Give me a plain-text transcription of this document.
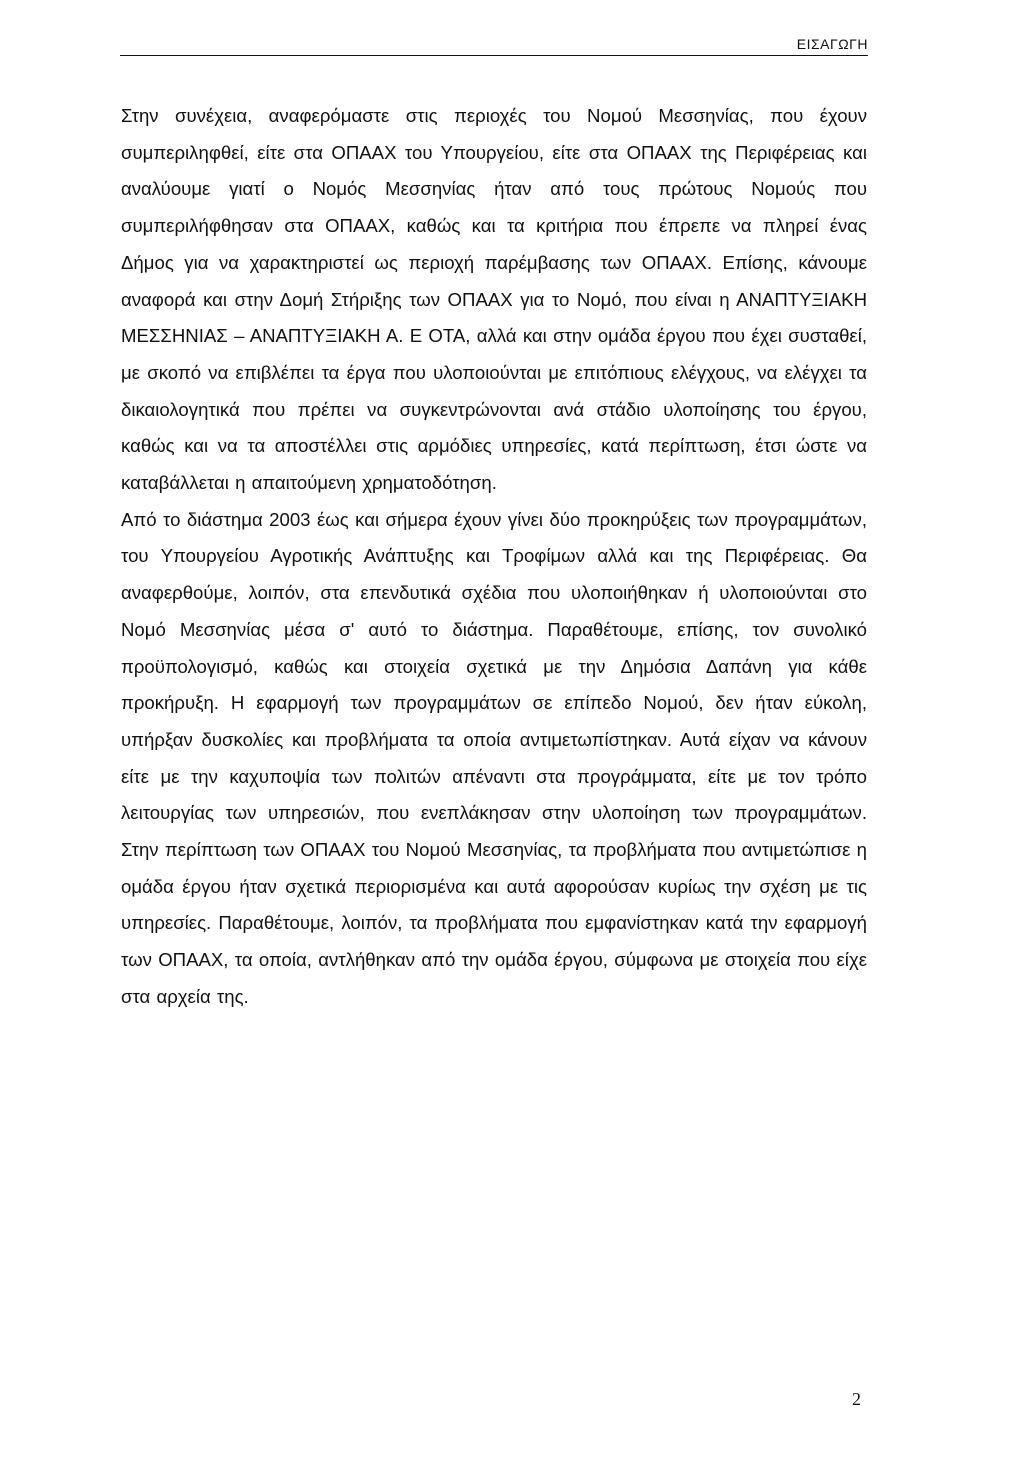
ΕΙΣΑΓΩΓΗ

Στην συνέχεια, αναφερόμαστε στις περιοχές του Νομού Μεσσηνίας, που έχουν συμπεριληφθεί, είτε στα ΟΠΑΑΧ του Υπουργείου, είτε στα ΟΠΑΑΧ της Περιφέρειας και αναλύουμε γιατί ο Νομός Μεσσηνίας ήταν από τους πρώτους Νομούς που συμπεριλήφθησαν στα ΟΠΑΑΧ, καθώς και τα κριτήρια που έπρεπε να πληρεί ένας Δήμος για να χαρακτηριστεί ως περιοχή παρέμβασης των ΟΠΑΑΧ. Επίσης, κάνουμε αναφορά και στην Δομή Στήριξης των ΟΠΑΑΧ για το Νομό, που είναι η ΑΝΑΠΤΥΞΙΑΚΗ ΜΕΣΣΗΝΙΑΣ – ΑΝΑΠΤΥΞΙΑΚΗ Α. Ε ΟΤΑ, αλλά και στην ομάδα έργου που έχει συσταθεί, με σκοπό να επιβλέπει τα έργα που υλοποιούνται με επιτόπιους ελέγχους, να ελέγχει τα δικαιολογητικά που πρέπει να συγκεντρώνονται ανά στάδιο υλοποίησης του έργου, καθώς και να τα αποστέλλει στις αρμόδιες υπηρεσίες, κατά περίπτωση, έτσι ώστε να καταβάλλεται η απαιτούμενη χρηματοδότηση.

Από το διάστημα 2003 έως και σήμερα έχουν γίνει δύο προκηρύξεις των προγραμμάτων, του Υπουργείου Αγροτικής Ανάπτυξης και Τροφίμων αλλά και της Περιφέρειας. Θα αναφερθούμε, λοιπόν, στα επενδυτικά σχέδια που υλοποιήθηκαν ή υλοποιούνται στο Νομό Μεσσηνίας μέσα σ' αυτό το διάστημα. Παραθέτουμε, επίσης, τον συνολικό προϋπολογισμό, καθώς και στοιχεία σχετικά με την Δημόσια Δαπάνη για κάθε προκήρυξη. Η εφαρμογή των προγραμμάτων σε επίπεδο Νομού, δεν ήταν εύκολη, υπήρξαν δυσκολίες και προβλήματα τα οποία αντιμετωπίστηκαν. Αυτά είχαν να κάνουν είτε με την καχυποψία των πολιτών απέναντι στα προγράμματα, είτε με τον τρόπο λειτουργίας των υπηρεσιών, που ενεπλάκησαν στην υλοποίηση των προγραμμάτων. Στην περίπτωση των ΟΠΑΑΧ του Νομού Μεσσηνίας, τα προβλήματα που αντιμετώπισε η ομάδα έργου ήταν σχετικά περιορισμένα και αυτά αφορούσαν κυρίως την σχέση με τις υπηρεσίες. Παραθέτουμε, λοιπόν, τα προβλήματα που εμφανίστηκαν κατά την εφαρμογή των ΟΠΑΑΧ, τα οποία, αντλήθηκαν από την ομάδα έργου, σύμφωνα με στοιχεία που είχε στα αρχεία της.

2
